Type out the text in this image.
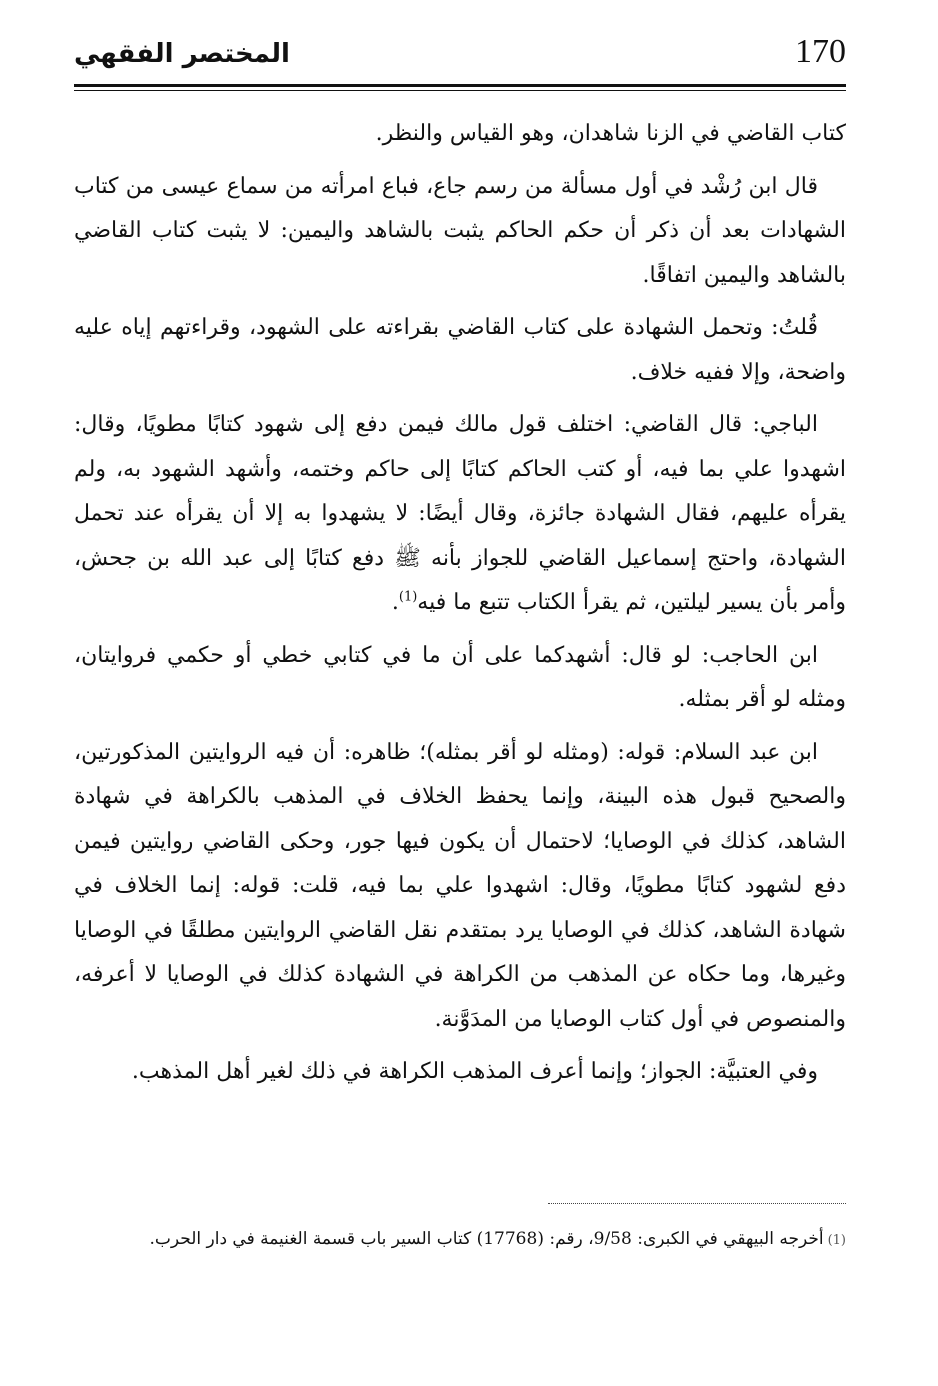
170
المختصر الفقهي

كتاب القاضي في الزنا شاهدان، وهو القياس والنظر.

قال ابن رُشْد في أول مسألة من رسم جاع، فباع امرأته من سماع عيسى من كتاب الشهادات بعد أن ذكر أن حكم الحاكم يثبت بالشاهد واليمين: لا يثبت كتاب القاضي بالشاهد واليمين اتفاقًا.

قُلتُ: وتحمل الشهادة على كتاب القاضي بقراءته على الشهود، وقراءتهم إياه عليه واضحة، وإلا ففيه خلاف.

الباجي: قال القاضي: اختلف قول مالك فيمن دفع إلى شهود كتابًا مطويًا، وقال: اشهدوا علي بما فيه، أو كتب الحاكم كتابًا إلى حاكم وختمه، وأشهد الشهود به، ولم يقرأه عليهم، فقال الشهادة جائزة، وقال أيضًا: لا يشهدوا به إلا أن يقرأه عند تحمل الشهادة، واحتج إسماعيل القاضي للجواز بأنه ﷺ دفع كتابًا إلى عبد الله بن جحش، وأمر بأن يسير ليلتين، ثم يقرأ الكتاب تتبع ما فيه$^{(1)}$.

ابن الحاجب: لو قال: أشهدكما على أن ما في كتابي خطي أو حكمي فروايتان، ومثله لو أقر بمثله.

ابن عبد السلام: قوله: (ومثله لو أقر بمثله)؛ ظاهره: أن فيه الروايتين المذكورتين، والصحيح قبول هذه البينة، وإنما يحفظ الخلاف في المذهب بالكراهة في شهادة الشاهد، كذلك في الوصايا؛ لاحتمال أن يكون فيها جور، وحكى القاضي روايتين فيمن دفع لشهود كتابًا مطويًا، وقال: اشهدوا علي بما فيه، قلت: قوله: إنما الخلاف في شهادة الشاهد، كذلك في الوصايا يرد بمتقدم نقل القاضي الروايتين مطلقًا في الوصايا وغيرها، وما حكاه عن المذهب من الكراهة في الشهادة كذلك في الوصايا لا أعرفه، والمنصوص في أول كتاب الوصايا من المدَوَّنة.

وفي العتبيَّة: الجواز؛ وإنما أعرف المذهب الكراهة في ذلك لغير أهل المذهب.

(1)أخرجه البيهقي في الكبرى: 9/58، رقم: (17768) كتاب السير باب قسمة الغنيمة في دار الحرب.
